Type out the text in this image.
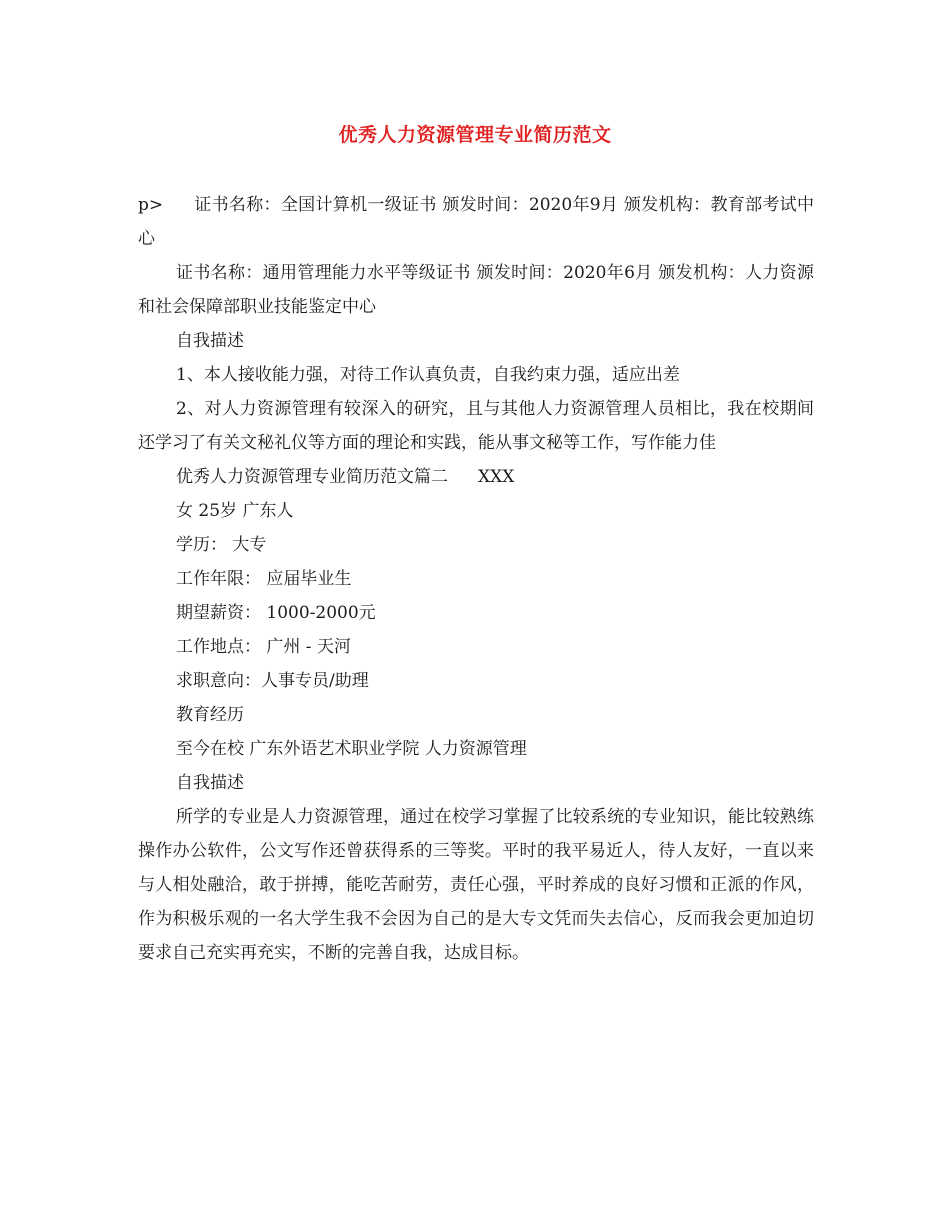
优秀人力资源管理专业简历范文

p> 证书名称：全国计算机一级证书 颁发时间：2020年9月 颁发机构：教育部考试中心

证书名称：通用管理能力水平等级证书 颁发时间：2020年6月 颁发机构：人力资源和社会保障部职业技能鉴定中心

自我描述

1、本人接收能力强，对待工作认真负责，自我约束力强，适应出差

2、对人力资源管理有较深入的研究，且与其他人力资源管理人员相比，我在校期间还学习了有关文秘礼仪等方面的理论和实践，能从事文秘等工作，写作能力佳

优秀人力资源管理专业简历范文篇二 XXX

女 25岁 广东人

学历： 大专

工作年限： 应届毕业生

期望薪资： 1000-2000元

工作地点： 广州 - 天河

求职意向：人事专员/助理

教育经历

至今在校 广东外语艺术职业学院 人力资源管理

自我描述

所学的专业是人力资源管理，通过在校学习掌握了比较系统的专业知识，能比较熟练操作办公软件，公文写作还曾获得系的三等奖。平时的我平易近人，待人友好，一直以来与人相处融洽，敢于拼搏，能吃苦耐劳，责任心强，平时养成的良好习惯和正派的作风，作为积极乐观的一名大学生我不会因为自己的是大专文凭而失去信心，反而我会更加迫切要求自己充实再充实，不断的完善自我，达成目标。
